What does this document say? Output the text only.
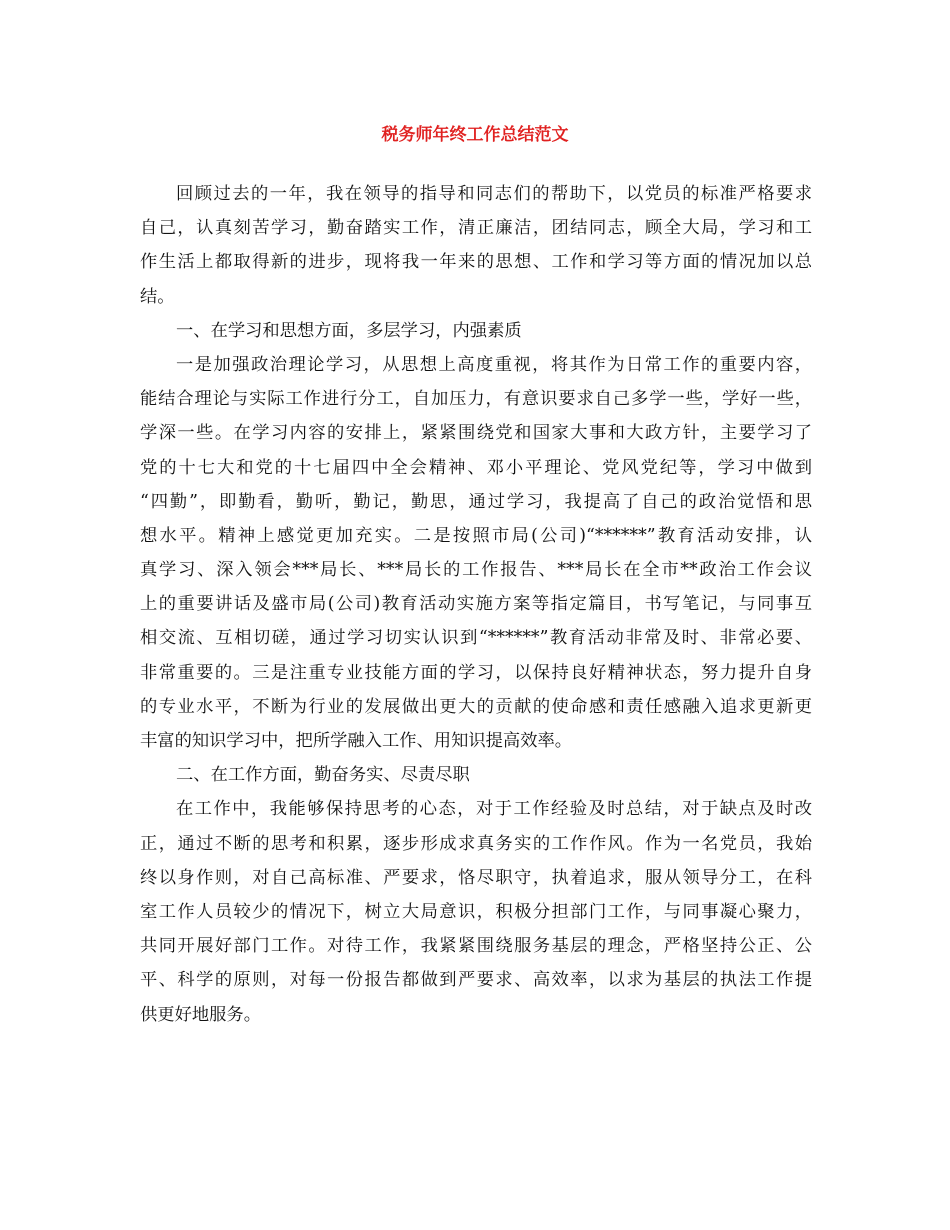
税务师年终工作总结范文
回顾过去的一年，我在领导的指导和同志们的帮助下，以党员的标准严格要求
自己，认真刻苦学习，勤奋踏实工作，清正廉洁，团结同志，顾全大局，学习和工
作生活上都取得新的进步，现将我一年来的思想、工作和学习等方面的情况加以总
结。
一、在学习和思想方面，多层学习，内强素质
一是加强政治理论学习，从思想上高度重视，将其作为日常工作的重要内容，
能结合理论与实际工作进行分工，自加压力，有意识要求自己多学一些，学好一些，
学深一些。在学习内容的安排上，紧紧围绕党和国家大事和大政方针，主要学习了
党的十七大和党的十七届四中全会精神、邓小平理论、党风党纪等，学习中做到
“四勤”，即勤看，勤听，勤记，勤思，通过学习，我提高了自己的政治觉悟和思
想水平。精神上感觉更加充实。二是按照市局(公司)“******”教育活动安排，认
真学习、深入领会***局长、***局长的工作报告、***局长在全市**政治工作会议
上的重要讲话及盛市局(公司)教育活动实施方案等指定篇目，书写笔记，与同事互
相交流、互相切磋，通过学习切实认识到“******”教育活动非常及时、非常必要、
非常重要的。三是注重专业技能方面的学习，以保持良好精神状态，努力提升自身
的专业水平，不断为行业的发展做出更大的贡献的使命感和责任感融入追求更新更
丰富的知识学习中，把所学融入工作、用知识提高效率。
二、在工作方面，勤奋务实、尽责尽职
在工作中，我能够保持思考的心态，对于工作经验及时总结，对于缺点及时改
正，通过不断的思考和积累，逐步形成求真务实的工作作风。作为一名党员，我始
终以身作则，对自己高标准、严要求，恪尽职守，执着追求，服从领导分工，在科
室工作人员较少的情况下，树立大局意识，积极分担部门工作，与同事凝心聚力，
共同开展好部门工作。对待工作，我紧紧围绕服务基层的理念，严格坚持公正、公
平、科学的原则，对每一份报告都做到严要求、高效率，以求为基层的执法工作提
供更好地服务。
